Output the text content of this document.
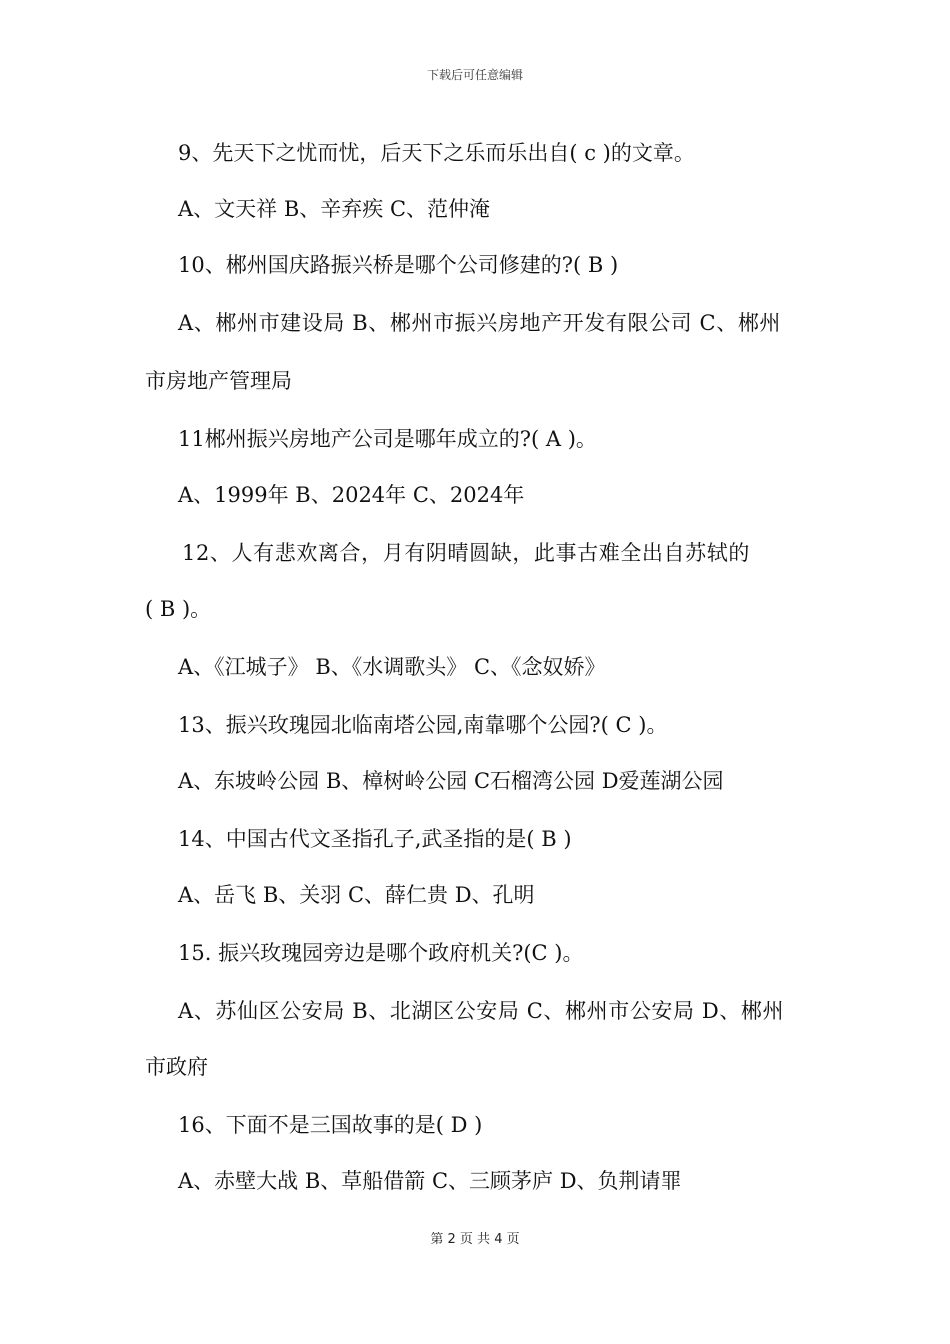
下载后可任意编辑
9、先天下之忧而忧，后天下之乐而乐出自( c )的文章。
A、文天祥 B、辛弃疾 C、范仲淹
10、郴州国庆路振兴桥是哪个公司修建的?( B )
A、郴州市建设局 B、郴州市振兴房地产开发有限公司 C、郴州
市房地产管理局
11郴州振兴房地产公司是哪年成立的?( A )。
A、1999年 B、2024年 C、2024年
12、人有悲欢离合，月有阴晴圆缺，此事古难全出自苏轼的
( B )。
A、《江城子》 B、《水调歌头》 C、《念奴娇》
13、振兴玫瑰园北临南塔公园,南靠哪个公园?( C )。
A、东坡岭公园 B、樟树岭公园 C石榴湾公园 D爱莲湖公园
14、中国古代文圣指孔子,武圣指的是( B )
A、岳飞 B、关羽 C、薛仁贵 D、孔明
15. 振兴玫瑰园旁边是哪个政府机关?(C )。
A、苏仙区公安局 B、北湖区公安局 C、郴州市公安局 D、郴州
市政府
16、下面不是三国故事的是( D )
A、赤壁大战 B、草船借箭 C、三顾茅庐 D、负荆请罪
第 2 页 共 4 页
